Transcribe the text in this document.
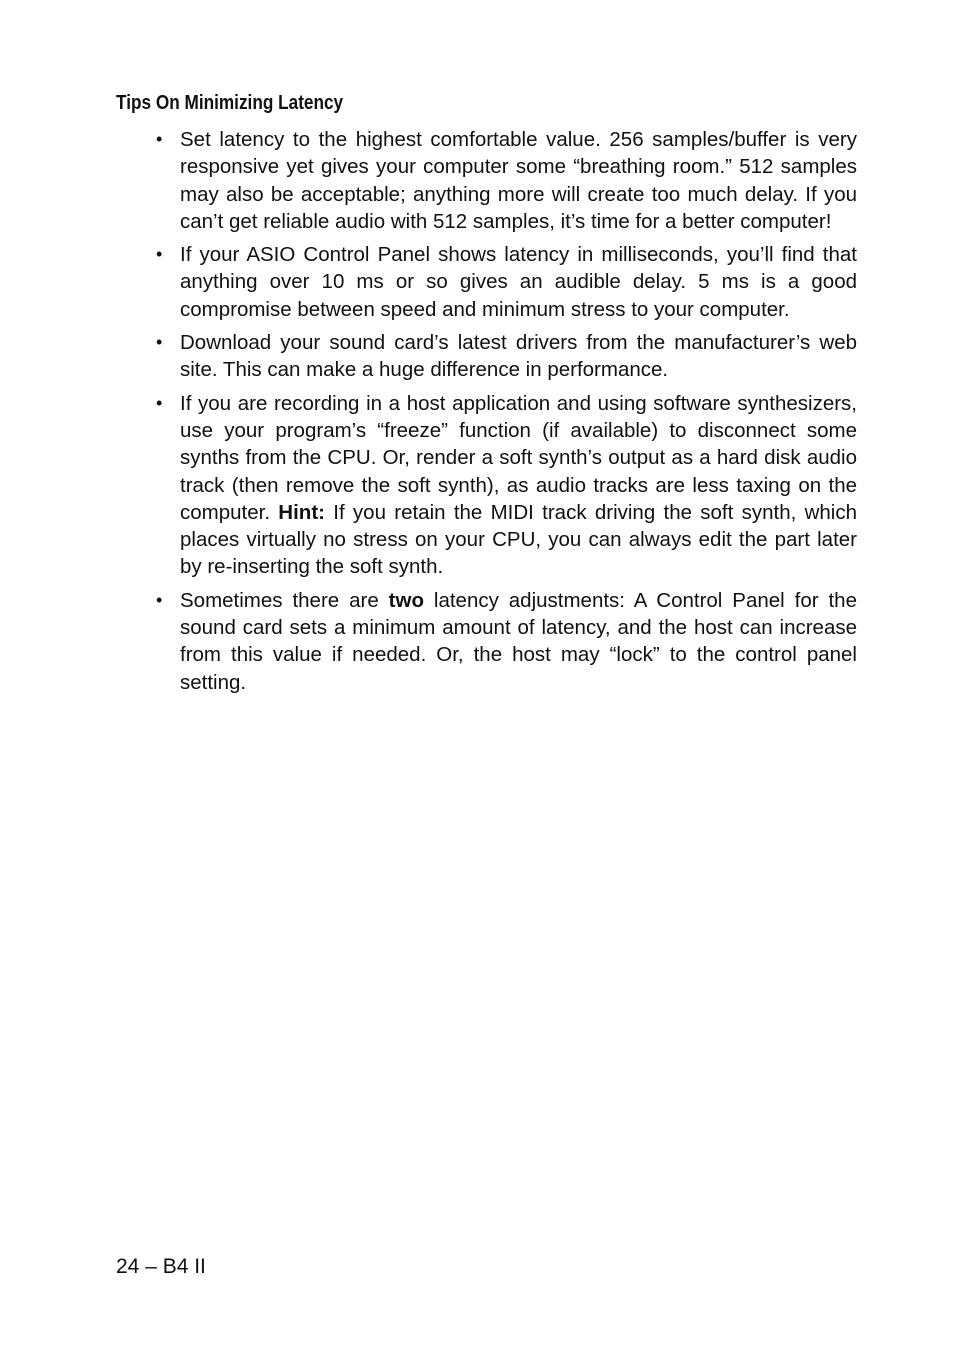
Tips On Minimizing Latency
• Set latency to the highest comfortable value. 256 samples/buffer is very responsive yet gives your computer some “breathing room.” 512 samples may also be acceptable; anything more will create too much delay. If you can’t get reliable audio with 512 samples, it’s time for a better computer!
• If your ASIO Control Panel shows latency in milliseconds, you’ll find that anything over 10 ms or so gives an audible delay. 5 ms is a good compromise between speed and minimum stress to your computer.
• Download your sound card’s latest drivers from the manufacturer’s web site. This can make a huge difference in performance.
• If you are recording in a host application and using software synthesizers, use your program’s “freeze” function (if available) to disconnect some synths from the CPU. Or, render a soft synth’s output as a hard disk audio track (then remove the soft synth), as audio tracks are less taxing on the computer. Hint: If you retain the MIDI track driving the soft synth, which places virtually no stress on your CPU, you can always edit the part later by re-inserting the soft synth.
• Sometimes there are two latency adjustments: A Control Panel for the sound card sets a minimum amount of latency, and the host can increase from this value if needed. Or, the host may “lock” to the control panel setting.

24 – B4 II
